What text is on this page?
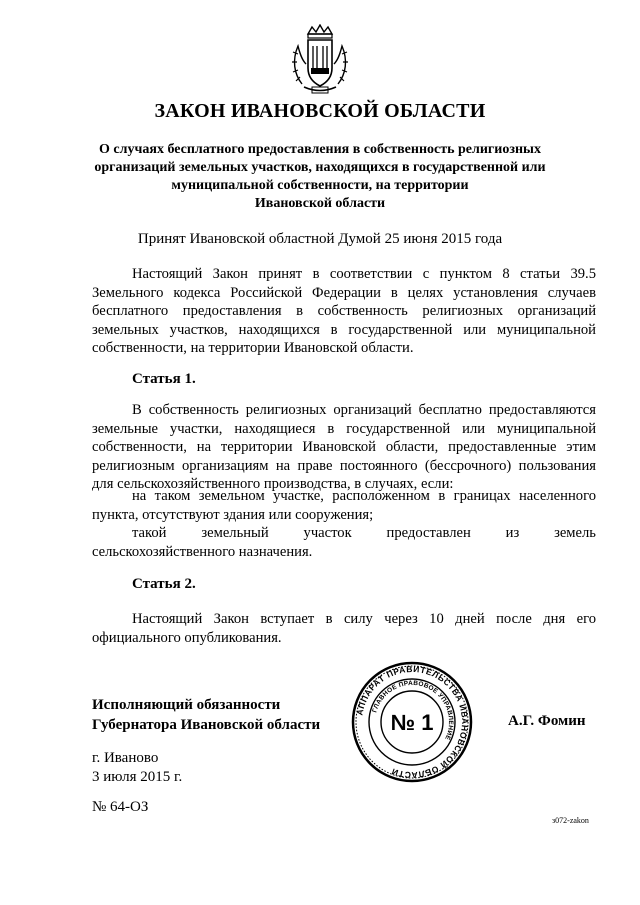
ЗАКОН ИВАНОВСКОЙ ОБЛАСТИ
О случаях бесплатного предоставления в собственность религиозных
организаций земельных участков, находящихся в государственной или
муниципальной собственности, на территории
Ивановской области
Принят Ивановской областной Думой 25 июня 2015 года
Настоящий Закон принят в соответствии с пунктом 8 статьи 39.5 Земельного кодекса Российской Федерации в целях установления случаев бесплатного предоставления в собственность религиозных организаций земельных участков, находящихся в государственной или муниципальной собственности, на территории Ивановской области.
Статья 1.
В собственность религиозных организаций бесплатно предоставляются земельные участки, находящиеся в государственной или муниципальной собственности, на территории Ивановской области, предоставленные этим религиозным организациям на праве постоянного (бессрочного) пользования для сельскохозяйственного производства, в случаях, если:
на таком земельном участке, расположенном в границах населенного пункта, отсутствуют здания или сооружения;
такой земельный участок предоставлен из земель
сельскохозяйственного назначения.
Статья 2.
Настоящий Закон вступает в силу через 10 дней после дня его официального опубликования.
Исполняющий обязанности
Губернатора Ивановской области
АППАРАТ ПРАВИТЕЛЬСТВА ИВАНОВСКОЙ ОБЛАСТИ
ГЛАВНОЕ ПРАВОВОЕ УПРАВЛЕНИЕ
№ 1	А.Г. Фомин
г. Иваново
3 июля 2015 г.
№ 64-ОЗ
з072-zakon
